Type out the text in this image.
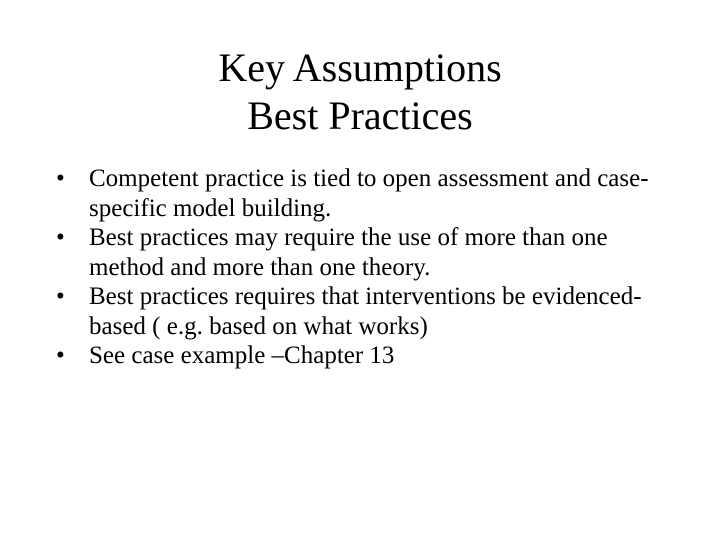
Key Assumptions
Best Practices
• Competent practice is tied to open assessment and case-specific model building.
• Best practices may require the use of more than one method and more than one theory.
• Best practices requires that interventions be evidenced-based ( e.g. based on what works)
• See case example –Chapter 13
